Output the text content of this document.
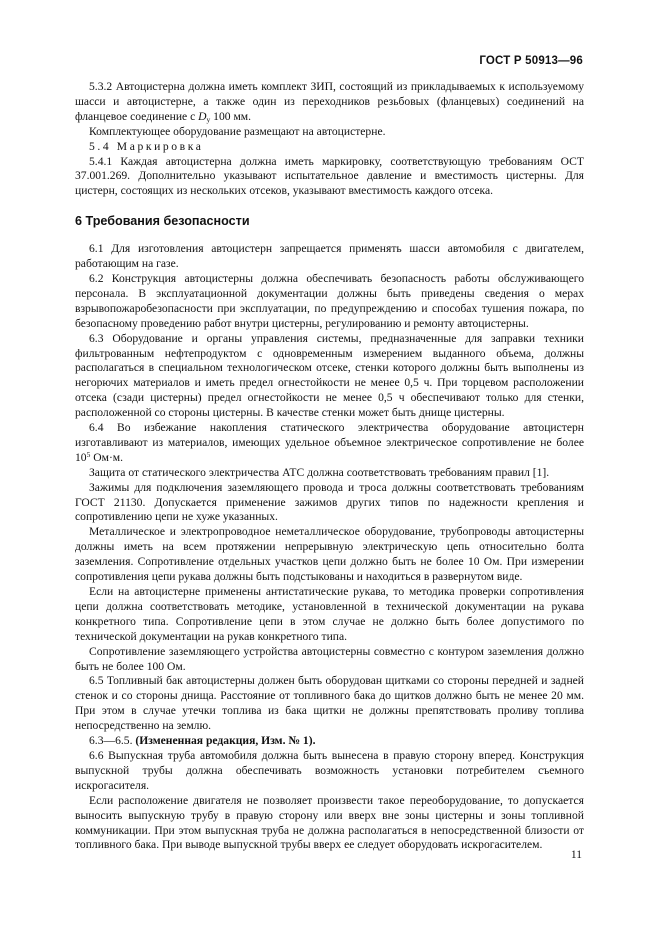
ГОСТ Р 50913—96

5.3.2 Автоцистерна должна иметь комплект ЗИП, состоящий из прикладываемых к используемому шасси и автоцистерне, а также один из переходников резьбовых (фланцевых) соединений на фланцевое соединение с $D_y$ 100 мм.

Комплектующее оборудование размещают на автоцистерне.

5.4 Маркировка

5.4.1 Каждая автоцистерна должна иметь маркировку, соответствующую требованиям ОСТ 37.001.269. Дополнительно указывают испытательное давление и вместимость цистерны. Для цистерн, состоящих из нескольких отсеков, указывают вместимость каждого отсека.

6 Требования безопасности

6.1 Для изготовления автоцистерн запрещается применять шасси автомобиля с двигателем, работающим на газе.

6.2 Конструкция автоцистерны должна обеспечивать безопасность работы обслуживающего персонала. В эксплуатационной документации должны быть приведены сведения о мерах взрывопожаробезопасности при эксплуатации, по предупреждению и способах тушения пожара, по безопасному проведению работ внутри цистерны, регулированию и ремонту автоцистерны.

6.3 Оборудование и органы управления системы, предназначенные для заправки техники фильтрованным нефтепродуктом с одновременным измерением выданного объема, должны располагаться в специальном технологическом отсеке, стенки которого должны быть выполнены из негорючих материалов и иметь предел огнестойкости не менее 0,5 ч. При торцевом расположении отсека (сзади цистерны) предел огнестойкости не менее 0,5 ч обеспечивают только для стенки, расположенной со стороны цистерны. В качестве стенки может быть днище цистерны.

6.4 Во избежание накопления статического электричества оборудование автоцистерн изготавливают из материалов, имеющих удельное объемное электрическое сопротивление не более $10^5$ Ом·м.

Защита от статического электричества АТС должна соответствовать требованиям правил [1].

Зажимы для подключения заземляющего провода и троса должны соответствовать требованиям ГОСТ 21130. Допускается применение зажимов других типов по надежности крепления и сопротивлению цепи не хуже указанных.

Металлическое и электропроводное неметаллическое оборудование, трубопроводы автоцистерны должны иметь на всем протяжении непрерывную электрическую цепь относительно болта заземления. Сопротивление отдельных участков цепи должно быть не более 10 Ом. При измерении сопротивления цепи рукава должны быть подстыкованы и находиться в развернутом виде.

Если на автоцистерне применены антистатические рукава, то методика проверки сопротивления цепи должна соответствовать методике, установленной в технической документации на рукава конкретного типа. Сопротивление цепи в этом случае не должно быть более допустимого по технической документации на рукав конкретного типа.

Сопротивление заземляющего устройства автоцистерны совместно с контуром заземления должно быть не более 100 Ом.

6.5 Топливный бак автоцистерны должен быть оборудован щитками со стороны передней и задней стенок и со стороны днища. Расстояние от топливного бака до щитков должно быть не менее 20 мм. При этом в случае утечки топлива из бака щитки не должны препятствовать проливу топлива непосредственно на землю.

6.3—6.5. (Измененная редакция, Изм. № 1).

6.6 Выпускная труба автомобиля должна быть вынесена в правую сторону вперед. Конструкция выпускной трубы должна обеспечивать возможность установки потребителем съемного искрогасителя.

Если расположение двигателя не позволяет произвести такое переоборудование, то допускается выносить выпускную трубу в правую сторону или вверх вне зоны цистерны и зоны топливной коммуникации. При этом выпускная труба не должна располагаться в непосредственной близости от топливного бака. При выводе выпускной трубы вверх ее следует оборудовать искрогасителем.

11
